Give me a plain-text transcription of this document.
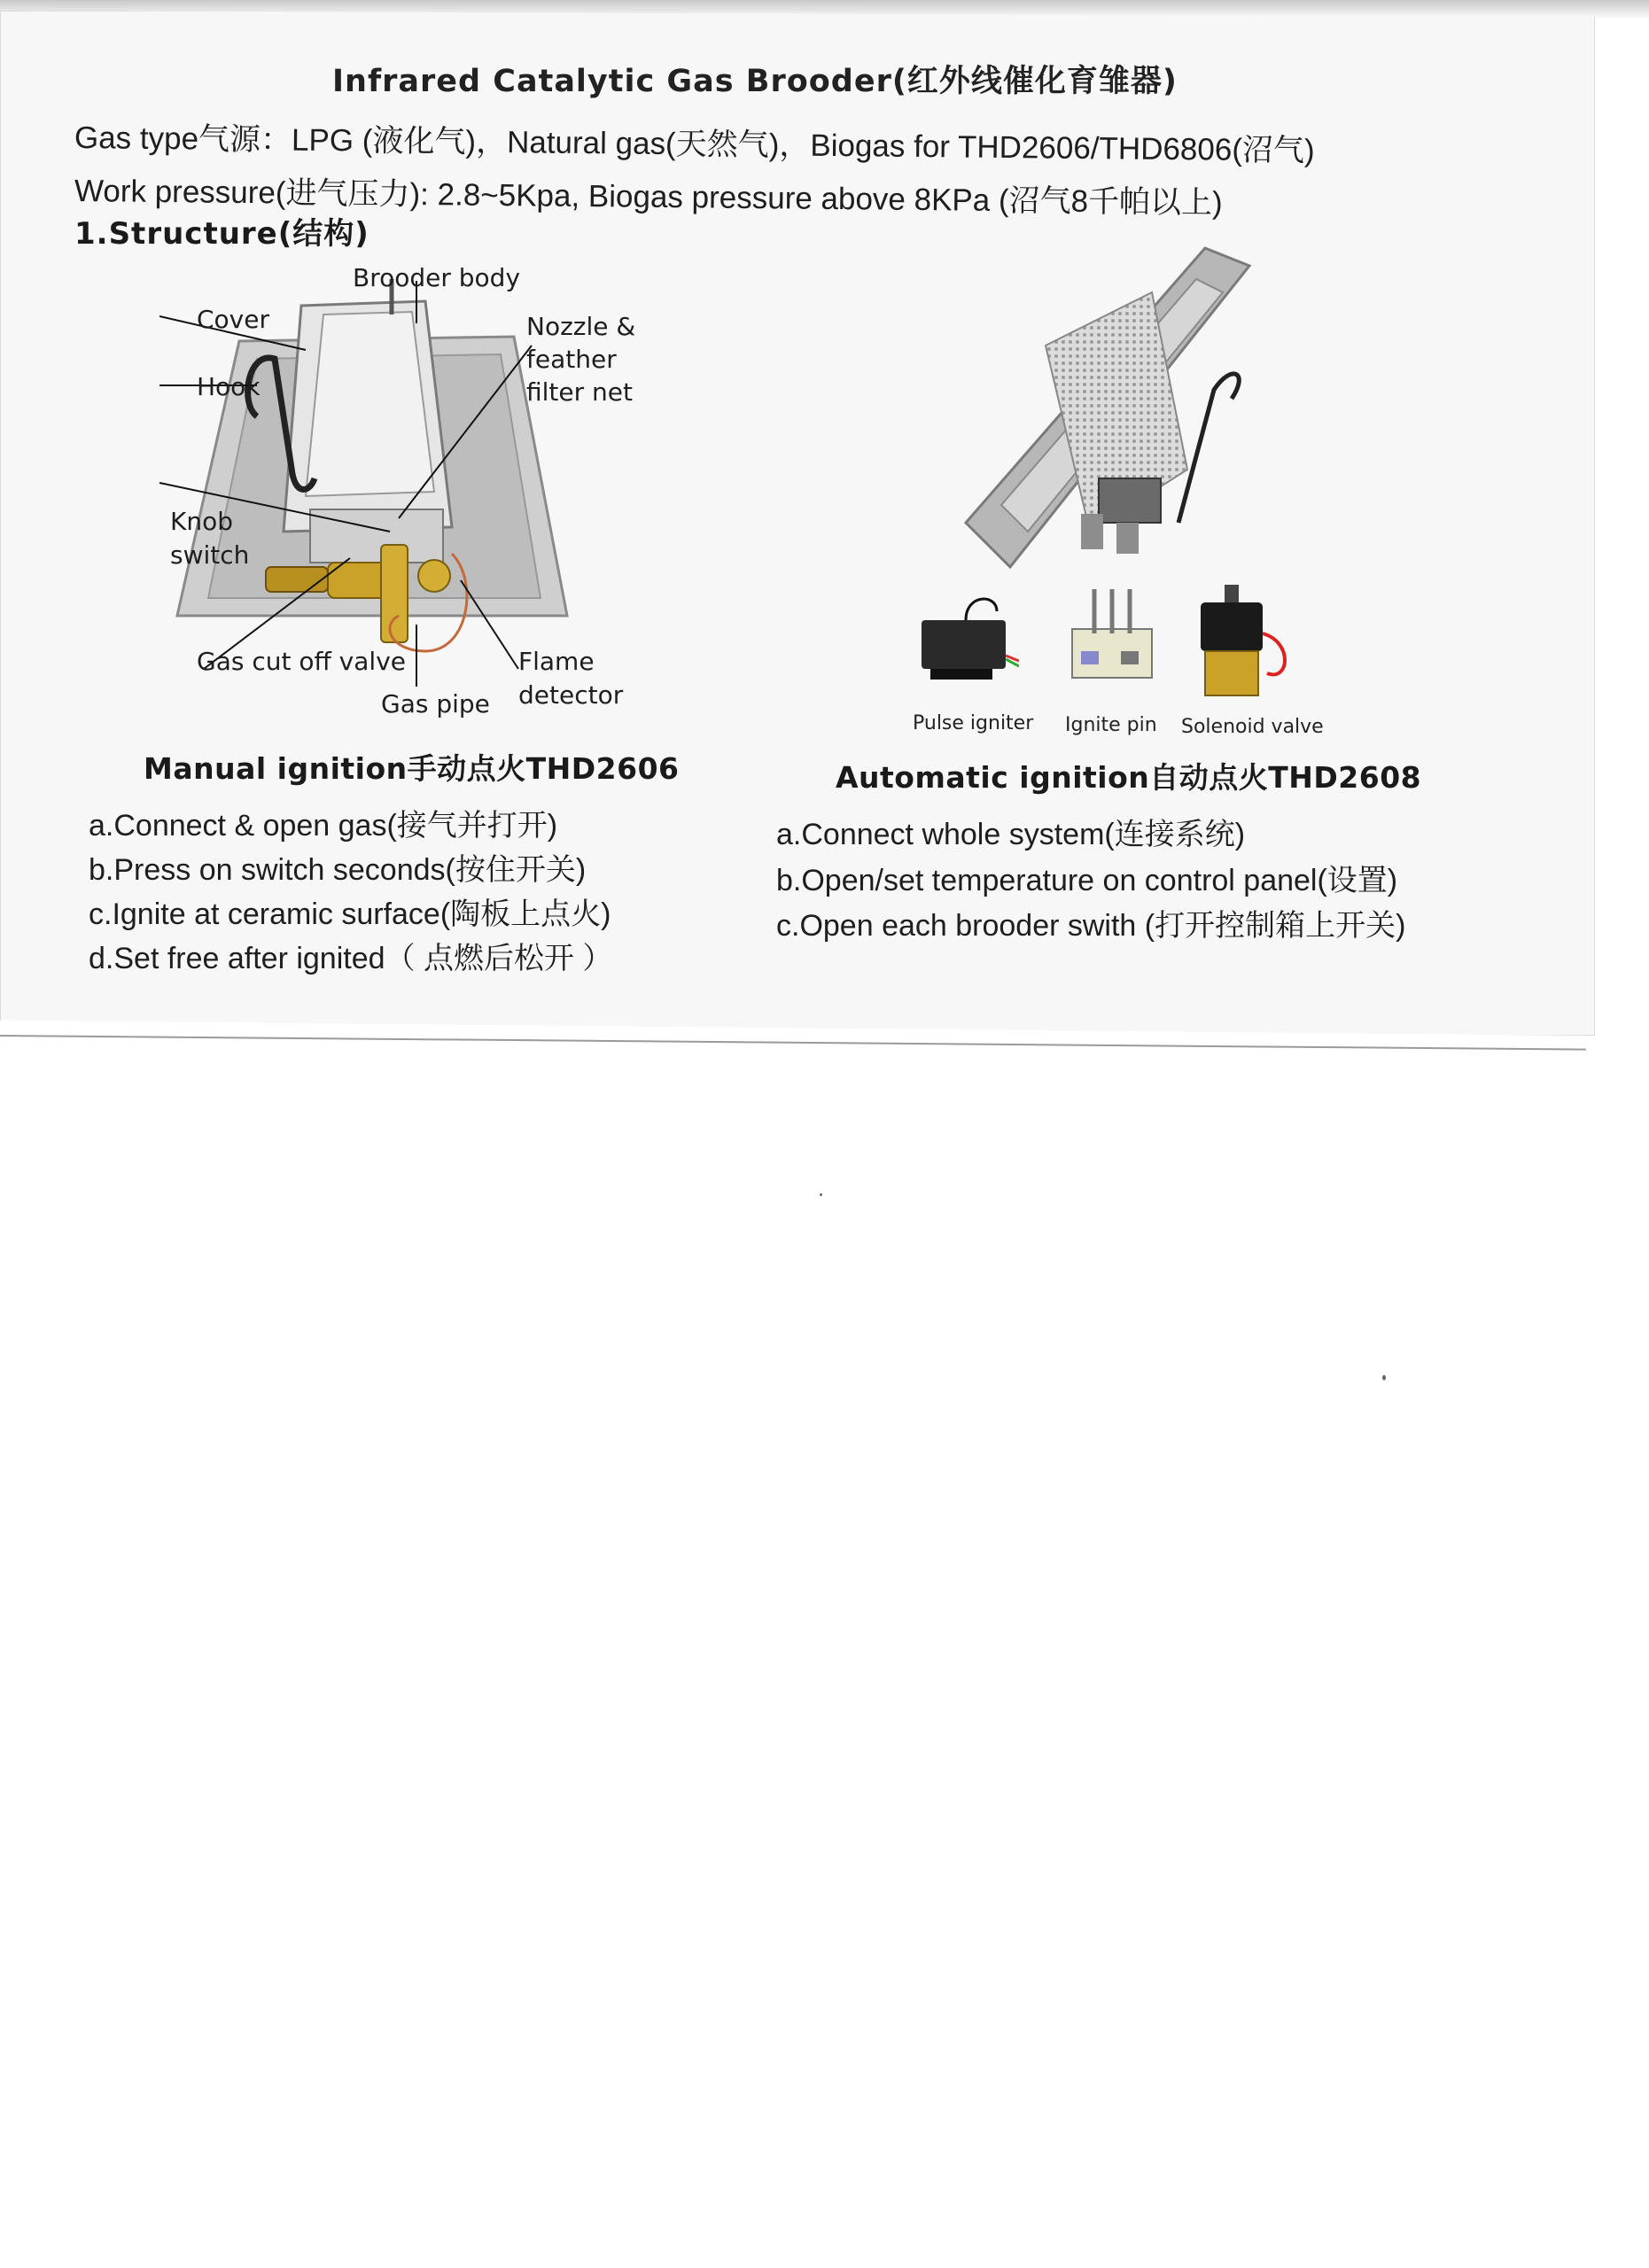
Infrared Catalytic Gas Brooder(红外线催化育雏器)
Gas type气源：LPG (液化气)，Natural gas(天然气)，Biogas for THD2606/THD6806(沼气)
Work pressure(进气压力): 2.8~5Kpa, Biogas pressure above 8KPa (沼气8千帕以上)
1.Structure(结构)
Brooder body
Cover
Hook
Nozzle &
feather
filter net
Knob
switch
Gas cut off valve
Gas pipe
Flame
detector
Pulse igniter Ignite pin Solenoid valve
Manual ignition手动点火THD2606	Automatic ignition自动点火THD2608
a.Connect & open gas(接气并打开)
b.Press on switch seconds(按住开关)
c.Ignite at ceramic surface(陶板上点火)
d.Set free after ignited（ 点燃后松开 ）
a.Connect whole system(连接系统)
b.Open/set temperature on control panel(设置)
c.Open each brooder swith (打开控制箱上开关)
